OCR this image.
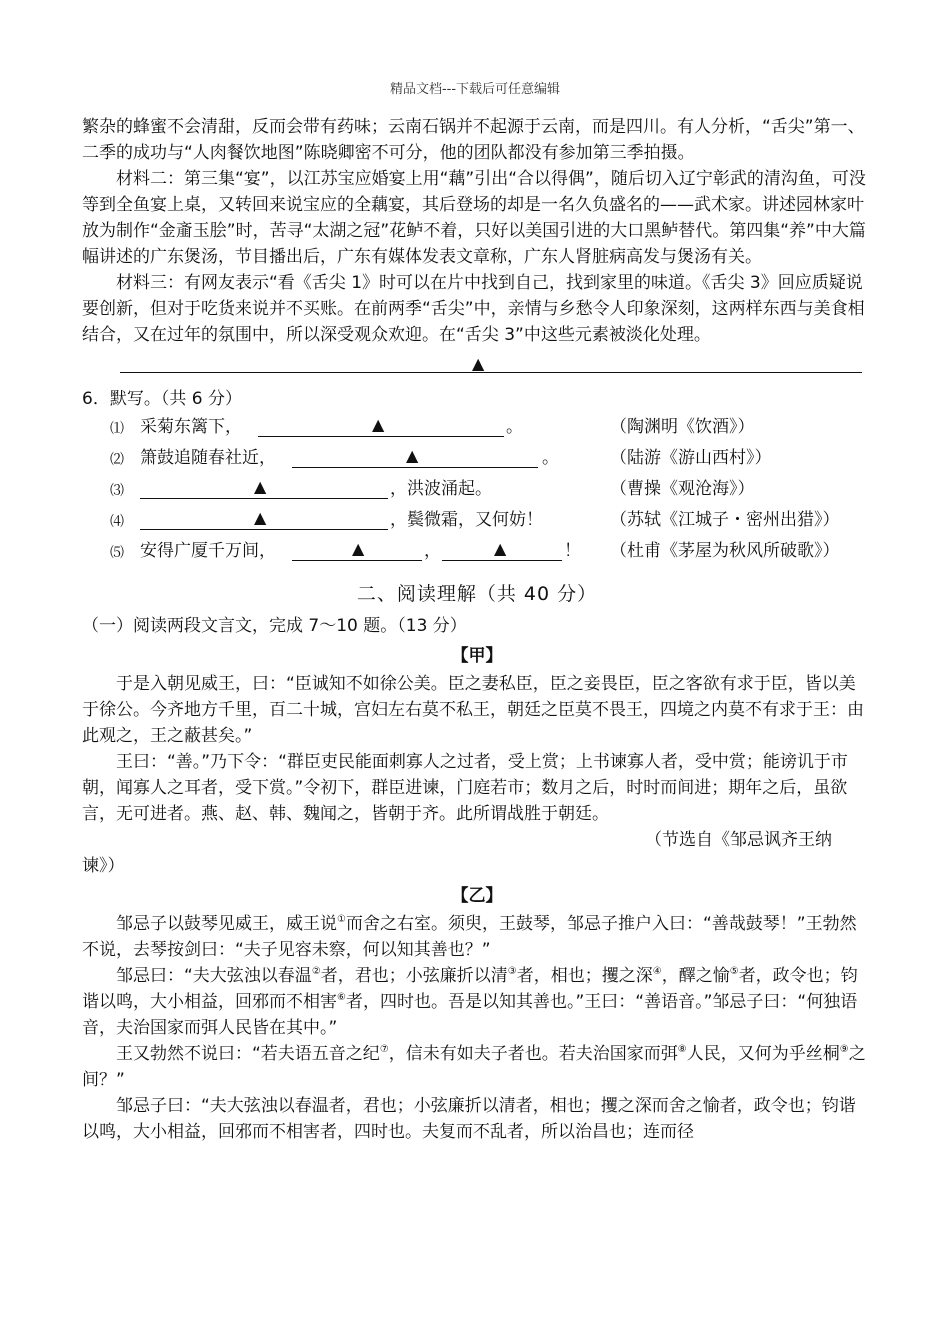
精品文档---下载后可任意编辑

繁杂的蜂蜜不会清甜，反而会带有药味；云南石锅并不起源于云南，而是四川。有人分析，“舌尖”第一、二季的成功与“人肉餐饮地图”陈晓卿密不可分，他的团队都没有参加第三季拍摄。

材料二：第三集“宴”，以江苏宝应婚宴上用“藕”引出“合以得偶”，随后切入辽宁彰武的清沟鱼，可没等到全鱼宴上桌，又转回来说宝应的全藕宴，其后登场的却是一名久负盛名的——武术家。讲述园林家叶放为制作“金齑玉脍”时，苦寻“太湖之冠”花鲈不着，只好以美国引进的大口黑鲈替代。第四集“养”中大篇幅讲述的广东煲汤，节目播出后，广东有媒体发表文章称，广东人肾脏病高发与煲汤有关。

材料三：有网友表示“看《舌尖 1》时可以在片中找到自己，找到家里的味道。《舌尖 3》回应质疑说要创新，但对于吃货来说并不买账。在前两季“舌尖”中，亲情与乡愁令人印象深刻，这两样东西与美食相结合，又在过年的氛围中，所以深受观众欢迎。在“舌尖 3”中这些元素被淡化处理。

▲

6．默写。（共 6 分）

⑴ 采菊东篱下，	▲	。	（陶渊明《饮酒》）
⑵ 箫鼓追随春社近，	▲	。	（陆游《游山西村》）
⑶	▲	，洪波涌起。	（曹操《观沧海》）
⑷	▲	，鬓微霜，又何妨！	（苏轼《江城子・密州出猎》）
⑸ 安得广厦千万间，	▲	，	▲	！ （杜甫《茅屋为秋风所破歌》）
二、阅读理解（共 40 分）

（一）阅读两段文言文，完成 7～10 题。（13 分）

【甲】

于是入朝见威王，曰：“臣诚知不如徐公美。臣之妻私臣，臣之妾畏臣，臣之客欲有求于臣，皆以美于徐公。今齐地方千里，百二十城，宫妇左右莫不私王，朝廷之臣莫不畏王，四境之内莫不有求于王：由此观之，王之蔽甚矣。”

王曰：“善。”乃下令：“群臣吏民能面刺寡人之过者，受上赏；上书谏寡人者，受中赏；能谤讥于市朝，闻寡人之耳者，受下赏。”令初下，群臣进谏，门庭若市；数月之后，时时而间进；期年之后，虽欲言，无可进者。燕、赵、韩、魏闻之，皆朝于齐。此所谓战胜于朝廷。

（节选自《邹忌讽齐王纳

谏》）

【乙】

邹忌子以鼓琴见威王，威王说①而舍之右室。须臾，王鼓琴，邹忌子推户入曰：“善哉鼓琴！”王勃然不说，去琴按剑曰：“夫子见容未察，何以知其善也？”

邹忌曰：“夫大弦浊以春温②者，君也；小弦廉折以清③者，相也；攫之深④，醳之愉⑤者，政令也；钧谐以鸣，大小相益，回邪而不相害⑥者，四时也。吾是以知其善也。”王曰：“善语音。”邹忌子曰：“何独语音，夫治国家而弭人民皆在其中。”

王又勃然不说曰：“若夫语五音之纪⑦，信未有如夫子者也。若夫治国家而弭⑧人民，又何为乎丝桐⑨之间？”

邹忌子曰：“夫大弦浊以春温者，君也；小弦廉折以清者，相也；攫之深而舍之愉者，政令也；钧谐以鸣，大小相益，回邪而不相害者，四时也。夫复而不乱者，所以治昌也；连而径
